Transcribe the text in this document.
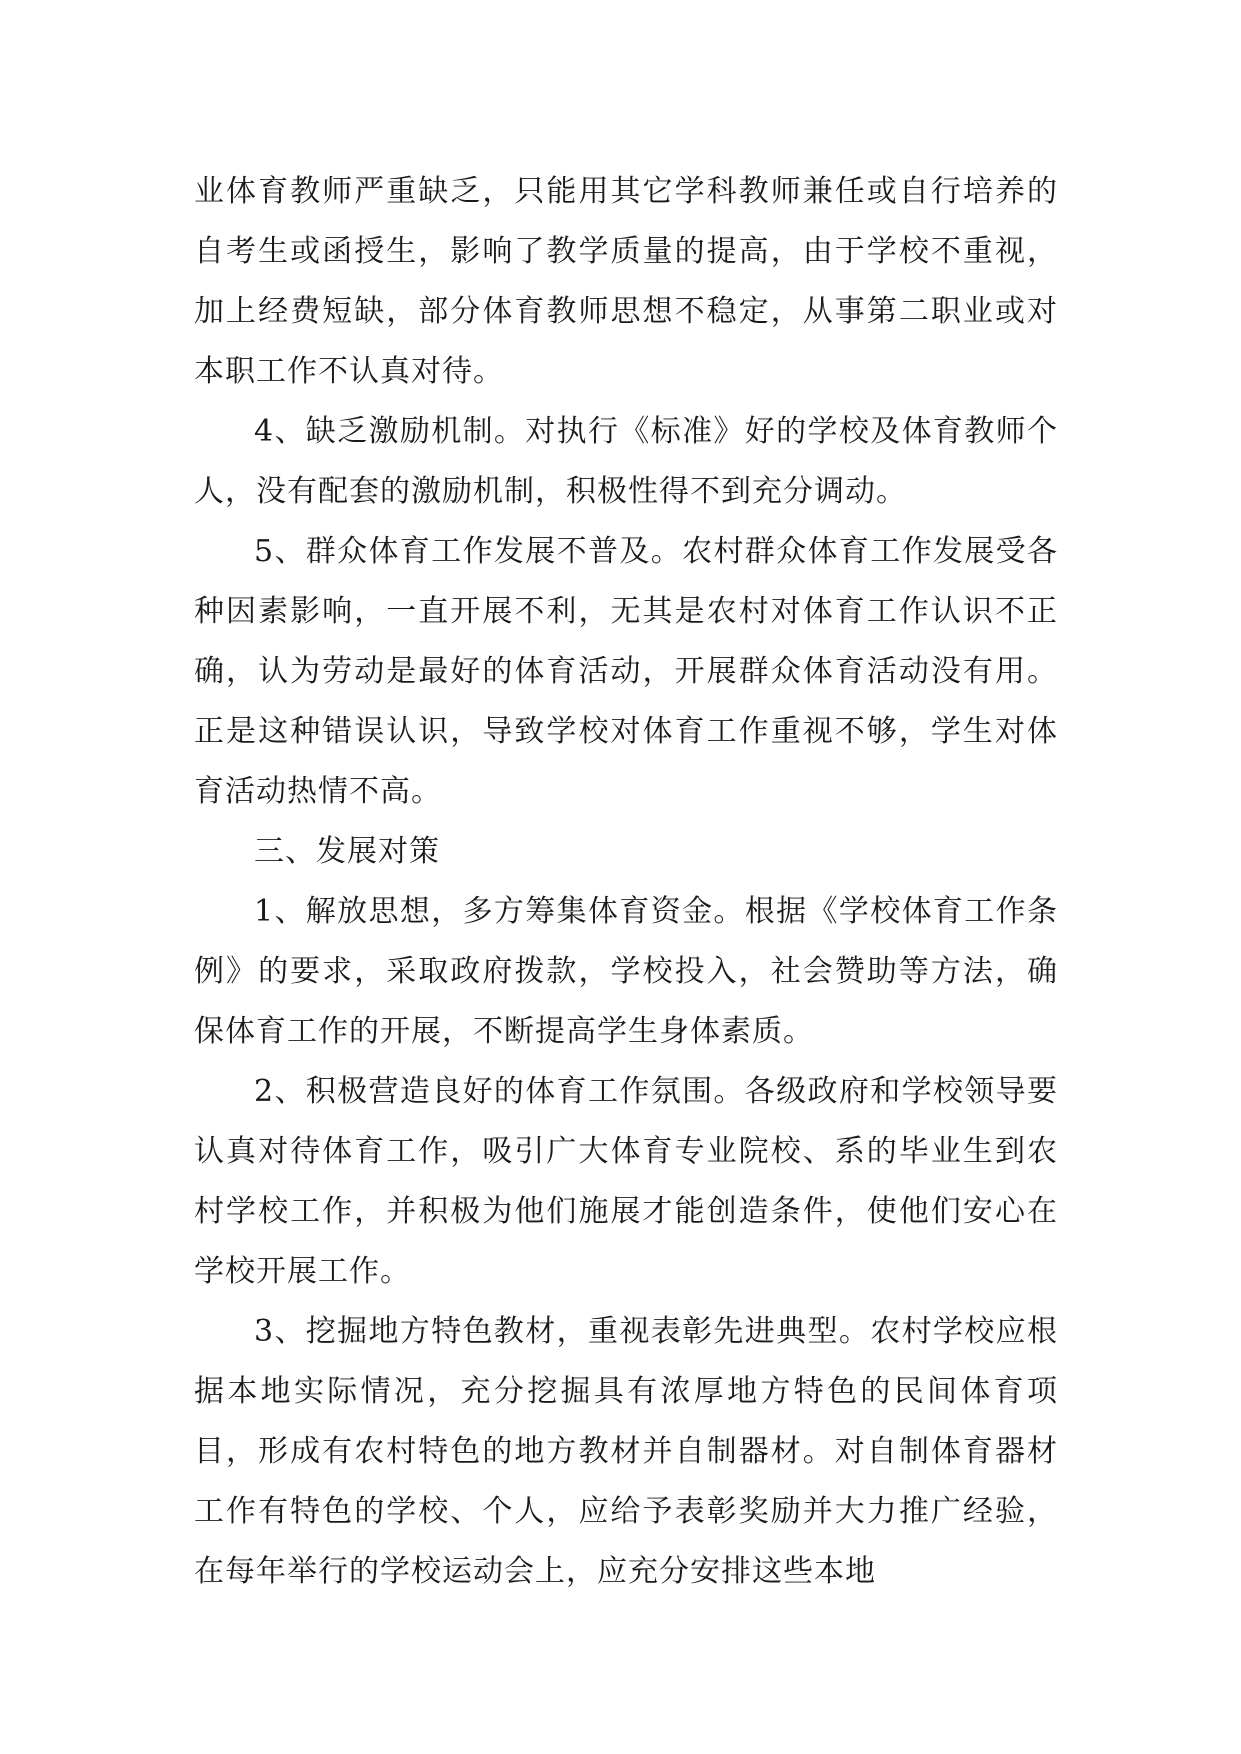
业体育教师严重缺乏，只能用其它学科教师兼任或自行培养的自考生或函授生，影响了教学质量的提高，由于学校不重视，加上经费短缺，部分体育教师思想不稳定，从事第二职业或对本职工作不认真对待。

4、缺乏激励机制。对执行《标准》好的学校及体育教师个人，没有配套的激励机制，积极性得不到充分调动。

5、群众体育工作发展不普及。农村群众体育工作发展受各种因素影响，一直开展不利，无其是农村对体育工作认识不正确，认为劳动是最好的体育活动，开展群众体育活动没有用。正是这种错误认识，导致学校对体育工作重视不够，学生对体育活动热情不高。

三、发展对策

1、解放思想，多方筹集体育资金。根据《学校体育工作条例》的要求，采取政府拨款，学校投入，社会赞助等方法，确保体育工作的开展，不断提高学生身体素质。

2、积极营造良好的体育工作氛围。各级政府和学校领导要认真对待体育工作，吸引广大体育专业院校、系的毕业生到农村学校工作，并积极为他们施展才能创造条件，使他们安心在学校开展工作。

3、挖掘地方特色教材，重视表彰先进典型。农村学校应根据本地实际情况，充分挖掘具有浓厚地方特色的民间体育项目，形成有农村特色的地方教材并自制器材。对自制体育器材工作有特色的学校、个人，应给予表彰奖励并大力推广经验，在每年举行的学校运动会上，应充分安排这些本地
